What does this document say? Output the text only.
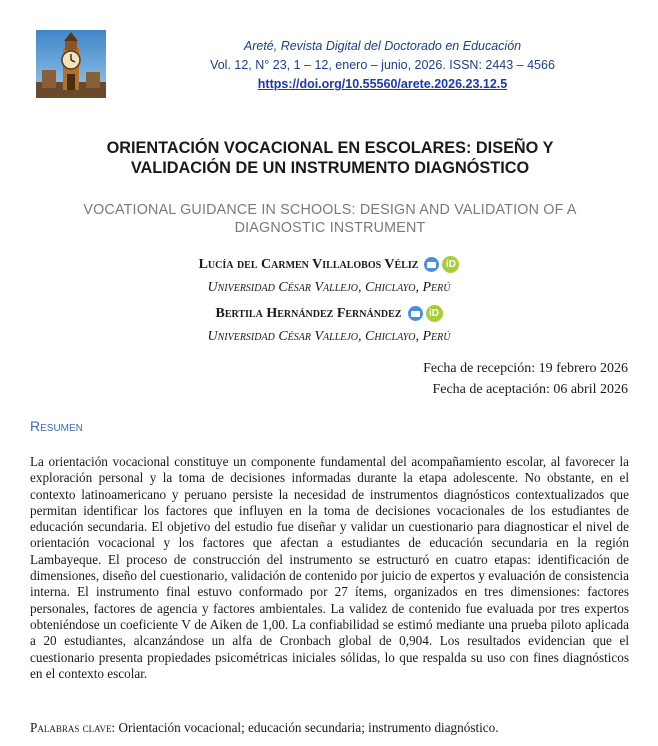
Areté, Revista Digital del Doctorado en Educación
Vol. 12, N° 23, 1 – 12, enero – junio, 2026. ISSN: 2443 – 4566
https://doi.org/10.55560/arete.2026.23.12.5
ORIENTACIÓN VOCACIONAL EN ESCOLARES: DISEÑO Y
VALIDACIÓN DE UN INSTRUMENTO DIAGNÓSTICO
VOCATIONAL GUIDANCE IN SCHOOLS: DESIGN AND VALIDATION OF A
DIAGNOSTIC INSTRUMENT
Lucía del Carmen Villalobos Véliz	iD
Universidad César Vallejo, Chiclayo, Perú
Bertila Hernández Fernández	iD
Universidad César Vallejo, Chiclayo, Perú
Fecha de recepción: 19 febrero 2026
Fecha de aceptación: 06 abril 2026
Resumen

La orientación vocacional constituye un componente fundamental del acompañamiento escolar, al favorecer la exploración personal y la toma de decisiones informadas durante la etapa adolescente. No obstante, en el contexto latinoamericano y peruano persiste la necesidad de instrumentos diagnósticos contextualizados que permitan identificar los factores que influyen en la toma de decisiones vocacionales de los estudiantes de educación secundaria. El objetivo del estudio fue diseñar y validar un cuestionario para diagnosticar el nivel de orientación vocacional y los factores que afectan a estudiantes de educación secundaria en la región Lambayeque. El proceso de construcción del instrumento se estructuró en cuatro etapas: identificación de dimensiones, diseño del cuestionario, validación de contenido por juicio de expertos y evaluación de consistencia interna. El instrumento final estuvo conformado por 27 ítems, organizados en tres dimensiones: factores personales, factores de agencia y factores ambientales. La validez de contenido fue evaluada por tres expertos obteniéndose un coeficiente V de Aiken de 1,00. La confiabilidad se estimó mediante una prueba piloto aplicada a 20 estudiantes, alcanzándose un alfa de Cronbach global de 0,904. Los resultados evidencian que el cuestionario presenta propiedades psicométricas iniciales sólidas, lo que respalda su uso con fines diagnósticos en el contexto escolar.

Palabras clave: Orientación vocacional; educación secundaria; instrumento diagnóstico.
